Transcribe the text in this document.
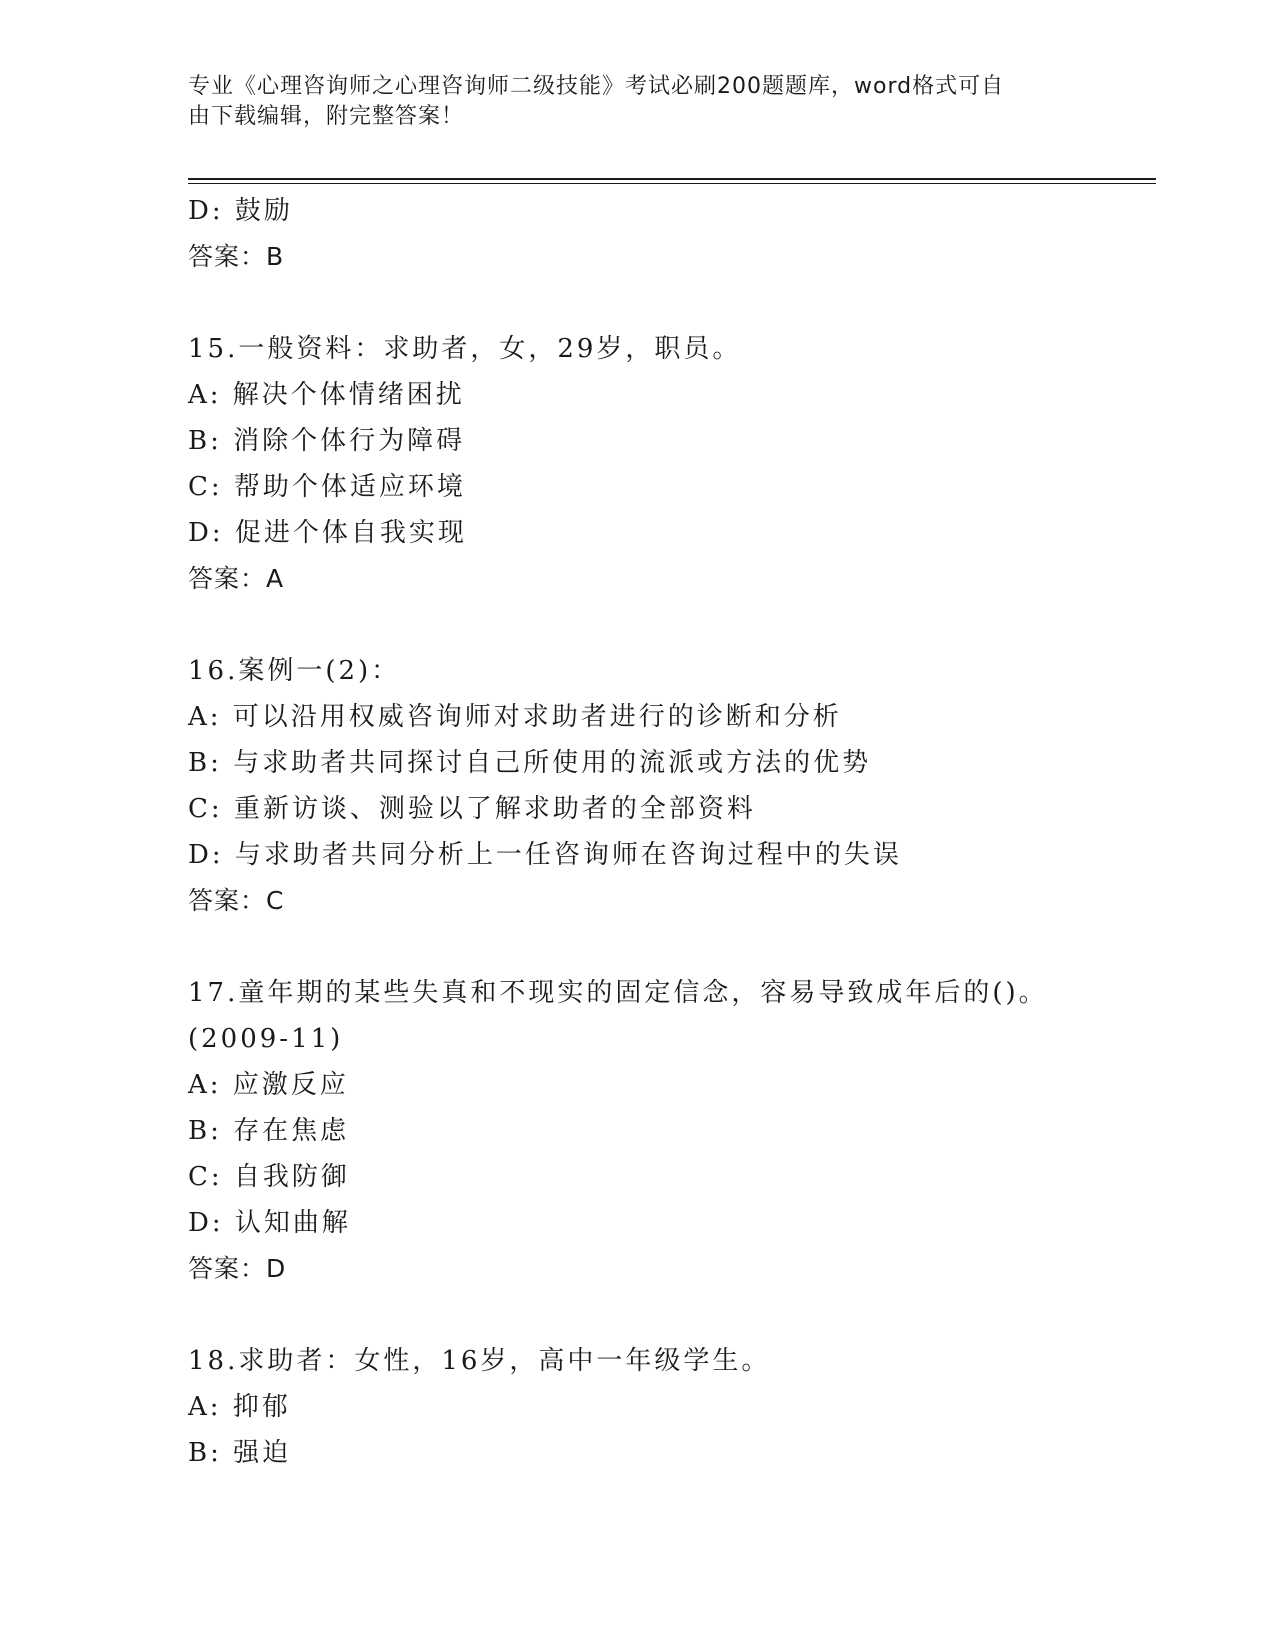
专业《心理咨询师之心理咨询师二级技能》考试必刷200题题库，word格式可自
由下载编辑，附完整答案！
D: 鼓励
答案：B
15.一般资料：求助者，女，29岁，职员。
A: 解决个体情绪困扰
B: 消除个体行为障碍
C: 帮助个体适应环境
D: 促进个体自我实现
答案：A
16.案例一(2)：
A: 可以沿用权威咨询师对求助者进行的诊断和分析
B: 与求助者共同探讨自己所使用的流派或方法的优势
C: 重新访谈、测验以了解求助者的全部资料
D: 与求助者共同分析上一任咨询师在咨询过程中的失误
答案：C
17.童年期的某些失真和不现实的固定信念，容易导致成年后的()。
(2009-11)
A: 应激反应
B: 存在焦虑
C: 自我防御
D: 认知曲解
答案：D
18.求助者：女性，16岁，高中一年级学生。
A: 抑郁
B: 强迫
